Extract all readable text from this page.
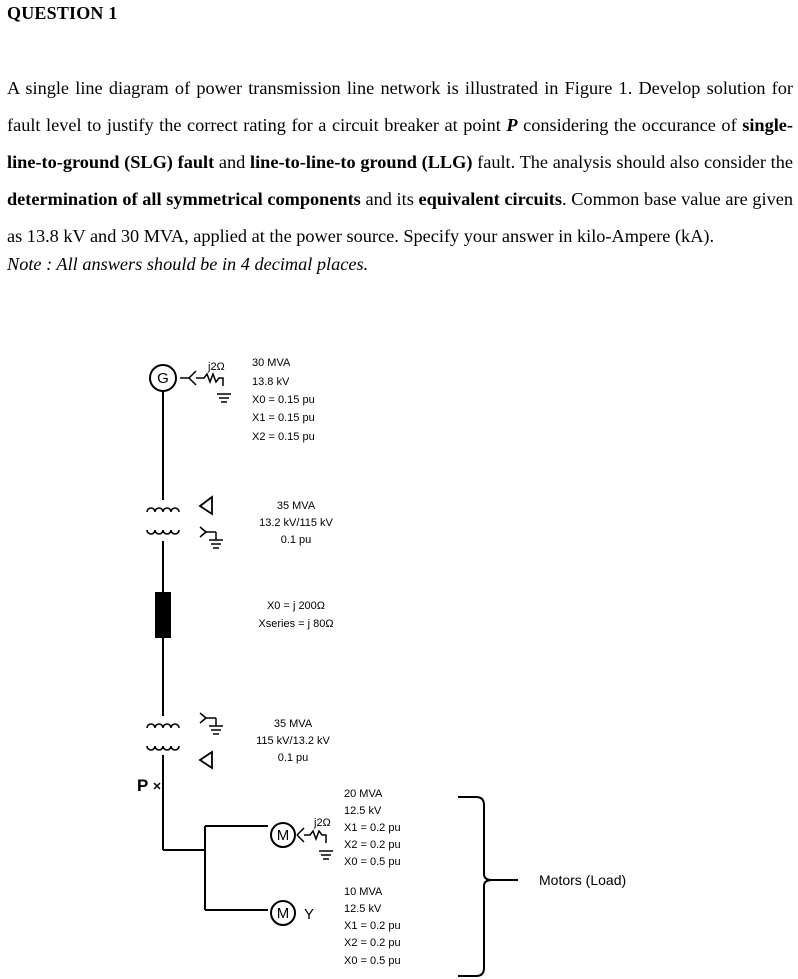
QUESTION 1

A single line diagram of power transmission line network is illustrated in Figure 1. Develop solution for fault level to justify the correct rating for a circuit breaker at point P considering the occurance of single-line-to-ground (SLG) fault and line-to-line-to ground (LLG) fault. The analysis should also consider the determination of all symmetrical components and its equivalent circuits. Common base value are given as 13.8 kV and 30 MVA, applied at the power source. Specify your answer in kilo-Ampere (kA).

Note : All answers should be in 4 decimal places.

G
j2Ω 30 MVA
13.8 kV
X0 = 0.15 pu
X1 = 0.15 pu
X2 = 0.15 pu
35 MVA
13.2 kV/115 kV
0.1 pu
X0 = j 200Ω
Xseries = j 80Ω
35 MVA
115 kV/13.2 kV
0.1 pu
P
M
j2Ω
20 MVA
12.5 kV
X1 = 0.2 pu
X2 = 0.2 pu
X0 = 0.5 pu
M Y
10 MVA
12.5 kV
X1 = 0.2 pu
X2 = 0.2 pu
X0 = 0.5 pu
Motors (Load)
